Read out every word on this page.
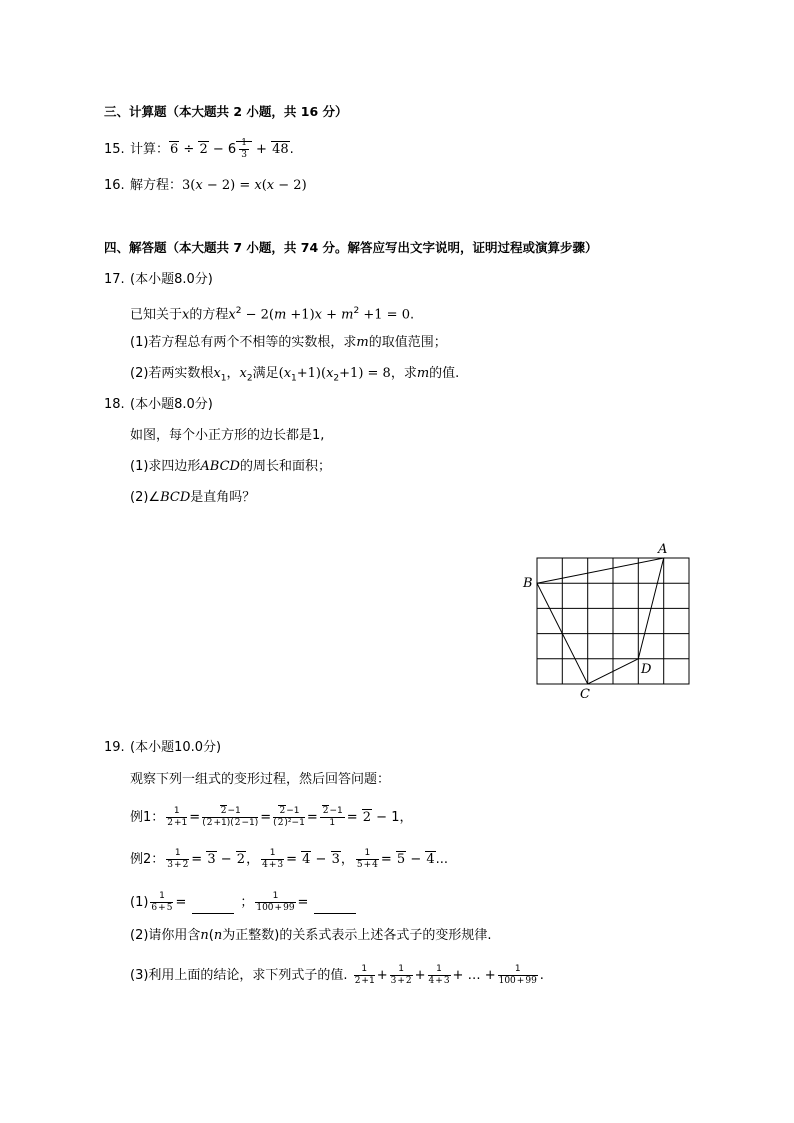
三、计算题（本大题共 2 小题，共 16 分）
15. 计算：$6 \div 2 - 6 \frac{1}{3} + 48$.
16. 解方程：3(x − 2) = x(x − 2)
四、解答题（本大题共 7 小题，共 74 分。解答应写出文字说明，证明过程或演算步骤）
17. (本小题8.0分)
已知关于x的方程$x^2 - 2(m +1)x + m^2 +1 = 0$.
(1)若方程总有两个不相等的实数根，求m的取值范围；
(2)若两实数根$x_1$，$x_2$满足$(x_1+1)(x_2+1) = 8$，求m的值.
18. (本小题8.0分)
如图，每个小正方形的边长都是1,
(1)求四边形ABCD的周长和面积；
(2)∠BCD是直角吗？
A
B
C
D
19. (本小题10.0分)
观察下列一组式的变形过程，然后回答问题：
例1： $\frac{1}{2+1} = \frac{2-1}{(2+1)(2-1)} = \frac{2-1}{\text{(2)²−1}} = \frac{2-1}{1} = 2 - 1$，
例2： $\frac{1}{3+2} = 3 - 2$， $\frac{1}{4+3} = 4 - 3$， $\frac{1}{5+4} = 5 - 4$...
$(1) \frac{1}{6+5}$ =	； $\frac{1}{100+99}$ =
(2)请你用含n(n为正整数)的关系式表示上述各式子的变形规律.
(3)利用上面的结论，求下列式子的值. $\frac{1}{2+1} + \frac{1}{3+2} + \frac{1}{4+3}$ + … + $\frac{1}{100+99}$ .
